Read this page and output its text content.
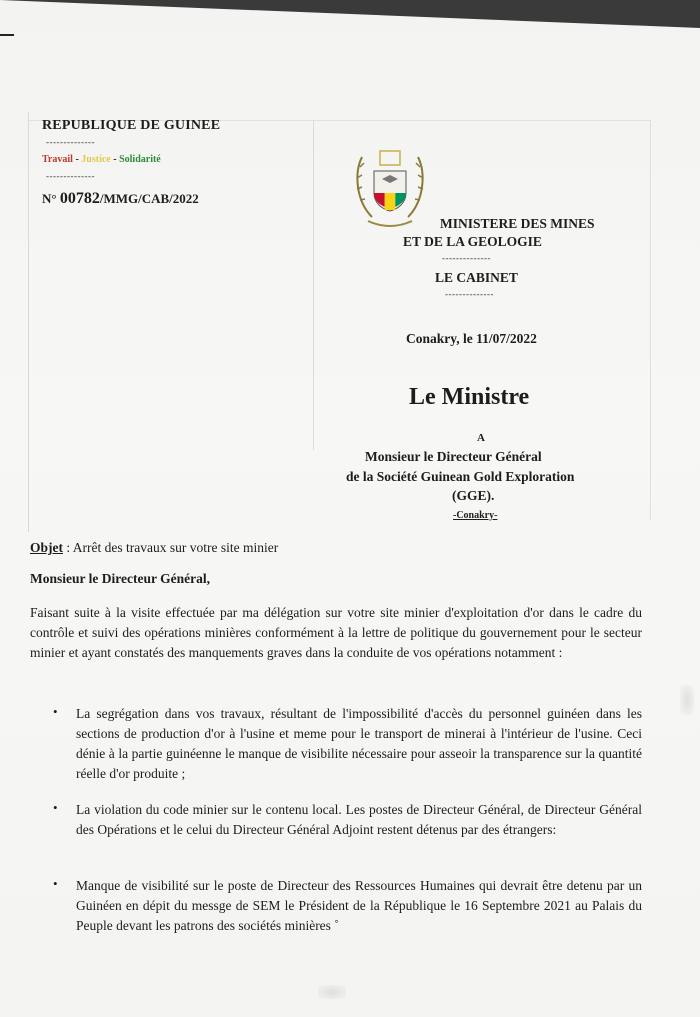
REPUBLIQUE DE GUINEE
--------------
Travail - Justice - Solidarité
--------------
N° 00782/MMG/CAB/2022
MINISTERE DES MINES
ET DE LA GEOLOGIE
--------------
LE CABINET
--------------
Conakry, le 11/07/2022
Le Ministre
A
Monsieur le Directeur Général
de la Société Guinean Gold Exploration
(GGE).
-Conakry-
Objet : Arrêt des travaux sur votre site minier
Monsieur le Directeur Général,
Faisant suite à la visite effectuée par ma délégation sur votre site minier d'exploitation d'or dans le cadre du contrôle et suivi des opérations minières conformément à la lettre de politique du gouvernement pour le secteur minier et ayant constatés des manquements graves dans la conduite de vos opérations notamment :
• La segrégation dans vos travaux, résultant de l'impossibilité d'accès du personnel guinéen dans les sections de production d'or à l'usine et meme pour le transport de minerai à l'intérieur de l'usine. Ceci dénie à la partie guinéenne le manque de visibilite nécessaire pour asseoir la transparence sur la quantité réelle d'or produite ;
• La violation du code minier sur le contenu local. Les postes de Directeur Général, de Directeur Général des Opérations et le celui du Directeur Général Adjoint restent détenus par des étrangers:
• Manque de visibilité sur le poste de Directeur des Ressources Humaines qui devrait être detenu par un Guinéen en dépit du messge de SEM le Président de la République le 16 Septembre 2021 au Palais du Peuple devant les patrons des sociétés minières ˚
